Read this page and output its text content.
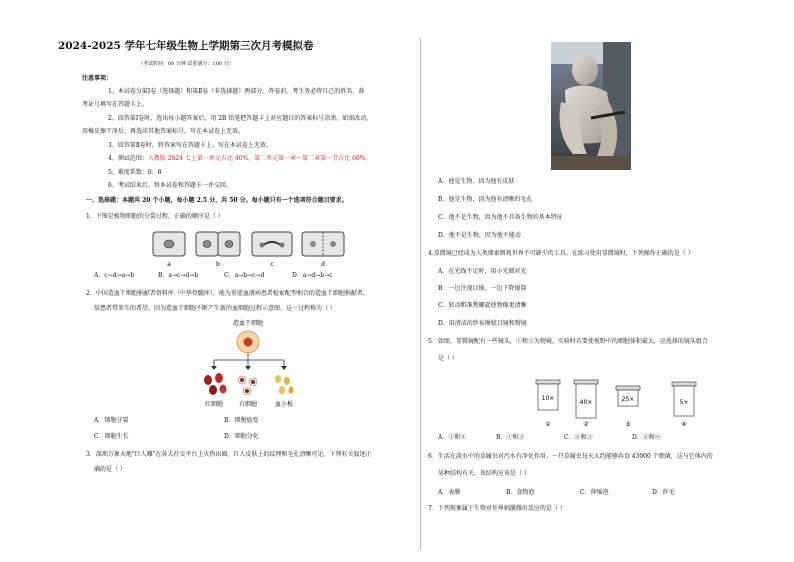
2024-2025 学年七年级生物上学期第三次月考模拟卷
（考试时间：60 分钟 试卷满分：100 分）
注意事项：
1、本试卷分第Ⅰ卷（选择题）和第Ⅱ卷（非选择题）两部分。答卷前，考生务必将自己的姓名、准
考证号填写在答题卡上。
2、回答第Ⅰ卷时，选出每小题答案后，用 2B 铅笔把答题卡上对应题目的答案标号涂黑。如需改动，
用橡皮擦干净后，再选涂其他答案标号。写在本试卷上无效。
3、回答第Ⅱ卷时，将答案写在答题卡上。写在本试卷上无效。
4、测试范围：人教版 2024 七上第一单元占比 40%，第二单元第一章～第二章第一节占比 60%。
5、难度系数：0．8
6、考试结束后，将本试卷和答题卡一并交回。
一、选择题：本题共 20 个小题，每小题 2.5 分，共 50 分。每小题只有一个选项符合题目要求。
1．下图是植物细胞的分裂过程，正确的顺序是（ ）
a	b	c	d
A．c→d→a→b	B．a→c→d→b	C．a→b→c→d	D．a→d→b→c
2．中国造血干细胞捐献者资料库（中华骨髓库），能为重症血液病患者检索配型相合的造血干细胞捐献者，
给患者带来生的希望。因为造血干细胞不断产生新的血细胞过程示意图，这一过程称为（ ）
造血干细胞
红细胞	白细胞	血小板
A．细胞分裂	B．细胞癌变
C．细胞生长	D．细胞分化
3．深圳万象天地"巨人雕"在各大社交平台上火热出圈。巨人皮肤上的纹理和毛孔清晰可见。下列有关叙述正
确的是（ ）
A．他是生物，因为他有皮肤
B．他是生物，因为他有清晰的毛孔
C．他不是生物，因为他不具备生物的基本特征
D．他不是生物，因为他不能动
4.显微镜已经成为人类探索微观世界不可缺少的工具。在练习使用显微镜时，下列操作正确的是（ ）
A．在光线不足时，用小光圈对光
B．一边注视目镜，一边下降镜筒
C．转动粗准焦螺旋使物像更清晰
D．用清洁的纱布擦拭目镜和物镜
5．如图，显微镜配有一些镜头，①和③为物镜，实验时若要使视野中的细胞体积最大，应选择的镜头组合
是（ ）
10×
40×	25×	5×
①	②	③	④
A．①和④	B．①和③	C．②和③	D．②和④
6．生活在淡水中的草履虫对污水有净化作用。一只草履虫每天大约能够吞食 43000 个细菌，这与它体内的
某种结构有关，该结构应该是（ ）
A．表膜	B．食物泡	C．伸缩泡	D．纤毛
7．下列现象属于生物对外界刺激做出反应的是（ ）
